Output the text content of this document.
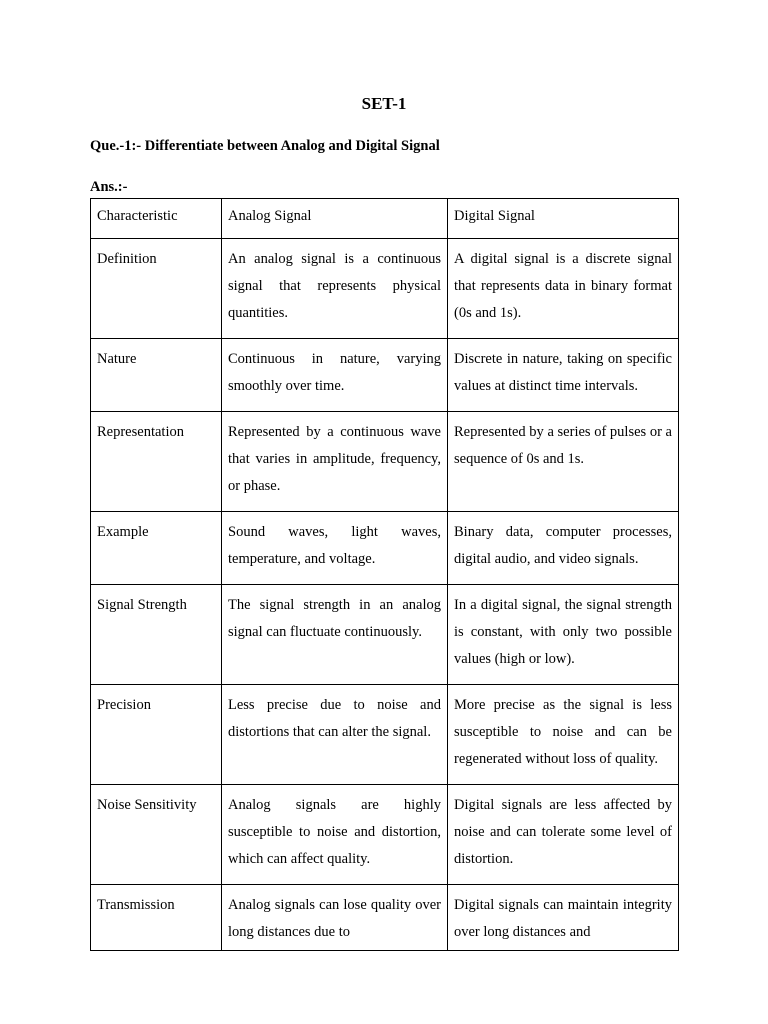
SET-1
Que.-1:- Differentiate between Analog and Digital Signal
Ans.:-
Characteristic	Analog Signal	Digital Signal
Definition	An analog signal is a continuous signal that represents physical quantities.	A digital signal is a discrete signal that represents data in binary format (0s and 1s).
Nature	Continuous in nature, varying smoothly over time.	Discrete in nature, taking on specific values at distinct time intervals.
Representation	Represented by a continuous wave that varies in amplitude, frequency, or phase.	Represented by a series of pulses or a sequence of 0s and 1s.
Example	Sound waves, light waves, temperature, and voltage.	Binary data, computer processes, digital audio, and video signals.
Signal Strength	The signal strength in an analog signal can fluctuate continuously.	In a digital signal, the signal strength is constant, with only two possible values (high or low).
Precision	Less precise due to noise and distortions that can alter the signal.	More precise as the signal is less susceptible to noise and can be regenerated without loss of quality.
Noise Sensitivity	Analog signals are highly susceptible to noise and distortion, which can affect quality.	Digital signals are less affected by noise and can tolerate some level of distortion.

Transmission	Analog signals can lose quality over long distances due to	Digital signals can maintain integrity over long distances and
